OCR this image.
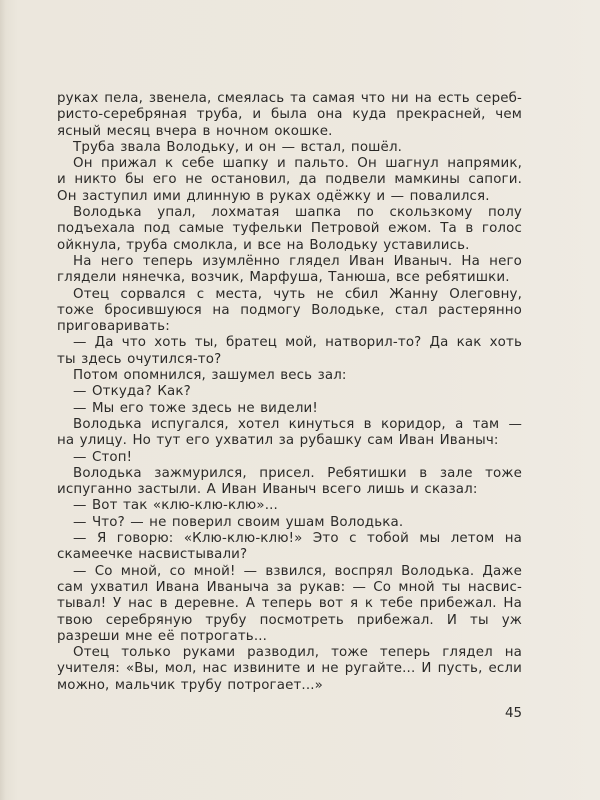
руках пела, звенела, смеялась та самая что ни на есть сереб-
ристо-серебряная труба, и была она куда прекрасней, чем
ясный месяц вчера в ночном окошке.
Труба звала Володьку, и он — встал, пошёл.
Он прижал к себе шапку и пальто. Он шагнул напрямик,
и никто бы его не остановил, да подвели мамкины сапоги.
Он заступил ими длинную в руках одёжку и — повалился.
Володька упал, лохматая шапка по скользкому полу
подъехала под самые туфельки Петровой ежом. Та в голос
ойкнула, труба смолкла, и все на Володьку уставились.
На него теперь изумлённо глядел Иван Иваныч. На него
глядели нянечка, возчик, Марфуша, Танюша, все ребятишки.
Отец сорвался с места, чуть не сбил Жанну Олеговну,
тоже бросившуюся на подмогу Володьке, стал растерянно
приговаривать:
— Да что хоть ты, братец мой, натворил-то? Да как хоть
ты здесь очутился-то?
Потом опомнился, зашумел весь зал:
— Откуда? Как?
— Мы его тоже здесь не видели!
Володька испугался, хотел кинуться в коридор, а там —
на улицу. Но тут его ухватил за рубашку сам Иван Иваныч:
— Стоп!
Володька зажмурился, присел. Ребятишки в зале тоже
испуганно застыли. А Иван Иваныч всего лишь и сказал:
— Вот так «клю-клю-клю»...
— Что? — не поверил своим ушам Володька.
— Я говорю: «Клю-клю-клю!» Это с тобой мы летом на
скамеечке насвистывали?
— Со мной, со мной! — взвился, воспрял Володька. Даже
сам ухватил Ивана Иваныча за рукав: — Со мной ты насвис-
тывал! У нас в деревне. А теперь вот я к тебе прибежал. На
твою серебряную трубу посмотреть прибежал. И ты уж
разреши мне её потрогать...
Отец только руками разводил, тоже теперь глядел на
учителя: «Вы, мол, нас извините и не ругайте... И пусть, если
можно, мальчик трубу потрогает...»
45
